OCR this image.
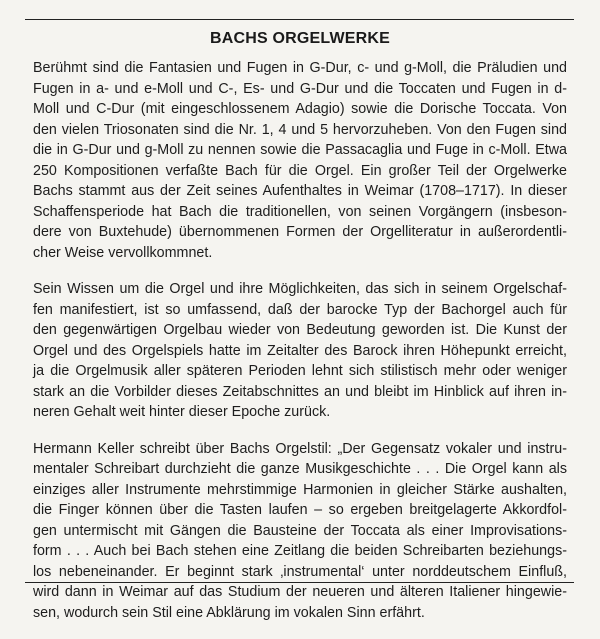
BACHS ORGELWERKE

Berühmt sind die Fantasien und Fugen in G-Dur, c- und g-Moll, die Präludien und
Fugen in a- und e-Moll und C-, Es- und G-Dur und die Toccaten und Fugen in d-
Moll und C-Dur (mit eingeschlossenem Adagio) sowie die Dorische Toccata. Von
den vielen Triosonaten sind die Nr. 1, 4 und 5 hervorzuheben. Von den Fugen sind
die in G-Dur und g-Moll zu nennen sowie die Passacaglia und Fuge in c-Moll. Etwa
250 Kompositionen verfaßte Bach für die Orgel. Ein großer Teil der Orgelwerke
Bachs stammt aus der Zeit seines Aufenthaltes in Weimar (1708–1717). In dieser
Schaffensperiode hat Bach die traditionellen, von seinen Vorgängern (insbeson-
dere von Buxtehude) übernommenen Formen der Orgelliteratur in außerordentli-
cher Weise vervollkommnet.

Sein Wissen um die Orgel und ihre Möglichkeiten, das sich in seinem Orgelschaf-
fen manifestiert, ist so umfassend, daß der barocke Typ der Bachorgel auch für
den gegenwärtigen Orgelbau wieder von Bedeutung geworden ist. Die Kunst der
Orgel und des Orgelspiels hatte im Zeitalter des Barock ihren Höhepunkt erreicht,
ja die Orgelmusik aller späteren Perioden lehnt sich stilistisch mehr oder weniger
stark an die Vorbilder dieses Zeitabschnittes an und bleibt im Hinblick auf ihren in-
neren Gehalt weit hinter dieser Epoche zurück.

Hermann Keller schreibt über Bachs Orgelstil: „Der Gegensatz vokaler und instru-
mentaler Schreibart durchzieht die ganze Musikgeschichte . . . Die Orgel kann als
einziges aller Instrumente mehrstimmige Harmonien in gleicher Stärke aushalten,
die Finger können über die Tasten laufen – so ergeben breitgelagerte Akkordfol-
gen untermischt mit Gängen die Bausteine der Toccata als einer Improvisations-
form . . . Auch bei Bach stehen eine Zeitlang die beiden Schreibarten beziehungs-
los nebeneinander. Er beginnt stark ‚instrumental‘ unter norddeutschem Einfluß,
wird dann in Weimar auf das Studium der neueren und älteren Italiener hingewie-
sen, wodurch sein Stil eine Abklärung im vokalen Sinn erfährt.
